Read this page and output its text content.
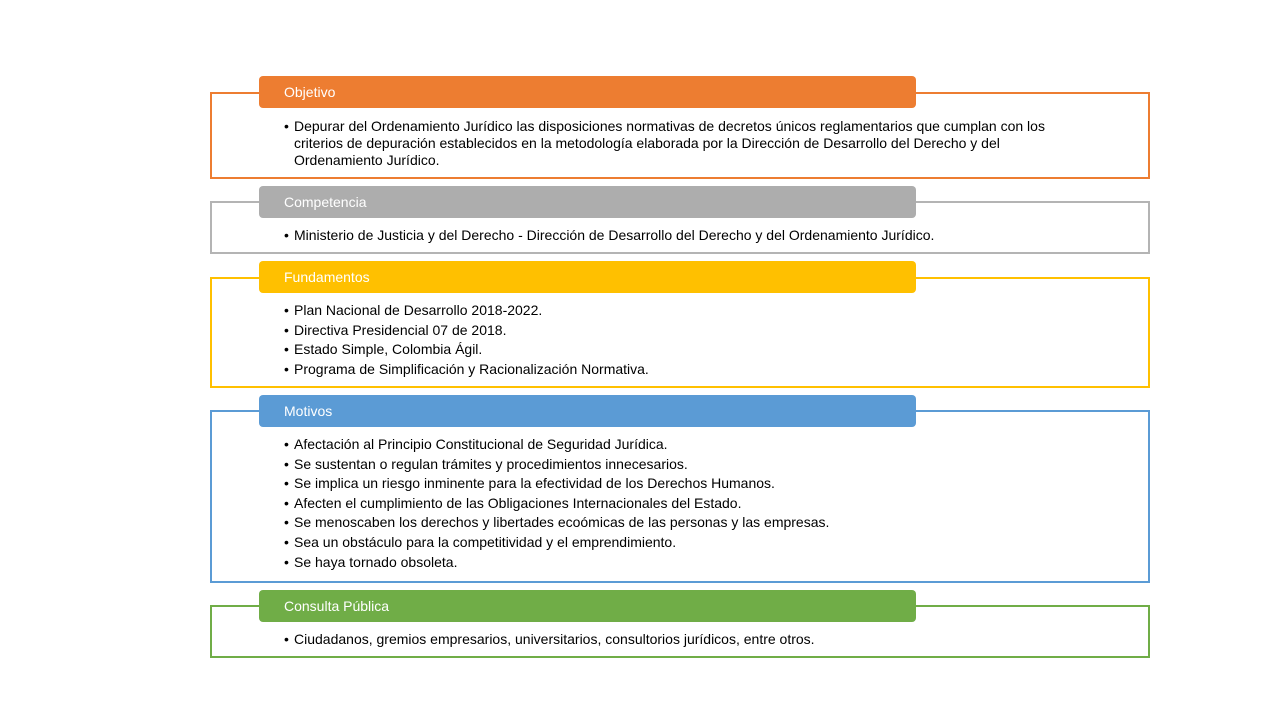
Objetivo
• Depurar del Ordenamiento Jurídico las disposiciones normativas de decretos únicos reglamentarios que cumplan con los criterios de depuración establecidos en la metodología elaborada por la Dirección de Desarrollo del Derecho y del Ordenamiento Jurídico.
Competencia
• Ministerio de Justicia y del Derecho - Dirección de Desarrollo del Derecho y del Ordenamiento Jurídico.
Fundamentos
• Plan Nacional de Desarrollo 2018-2022.
• Directiva Presidencial 07 de 2018.
• Estado Simple, Colombia Ágil.
• Programa de Simplificación y Racionalización Normativa.
Motivos
• Afectación al Principio Constitucional de Seguridad Jurídica.
• Se sustentan o regulan trámites y procedimientos innecesarios.
• Se implica un riesgo inminente para la efectividad de los Derechos Humanos.
• Afecten el cumplimiento de las Obligaciones Internacionales del Estado.
• Se menoscaben los derechos y libertades ecoómicas de las personas y las empresas.
• Sea un obstáculo para la competitividad y el emprendimiento.
• Se haya tornado obsoleta.
Consulta Pública
• Ciudadanos, gremios empresarios, universitarios, consultorios jurídicos, entre otros.
